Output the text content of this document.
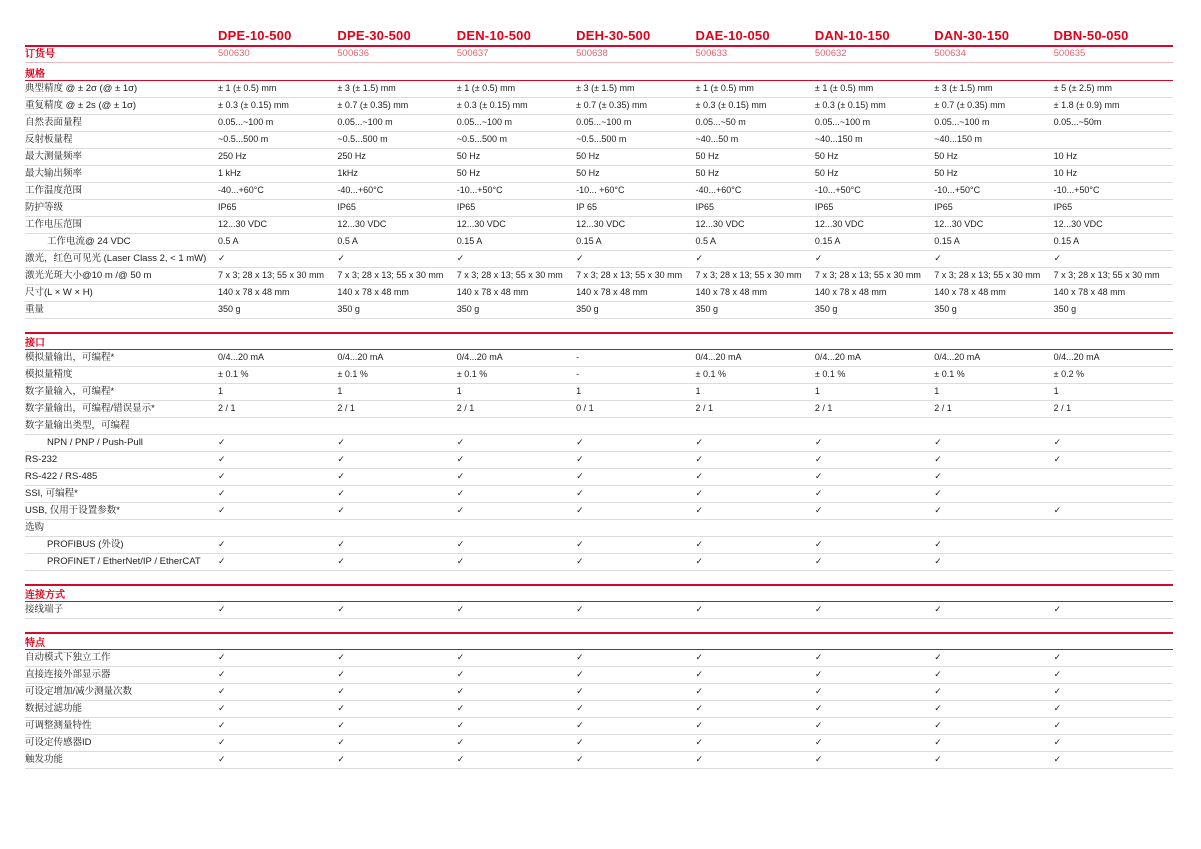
DPE-10-500	DPE-30-500	DEN-10-500	DEH-30-500	DAE-10-050	DAN-10-150	DAN-30-150	DBN-50-050
订货号	500630	500636	500637	500638	500633	500632	500634	500635
规格
典型精度 @ ± 2σ (@ ± 1σ)	± 1 (± 0.5) mm	± 3 (± 1.5) mm	± 1 (± 0.5) mm	± 3 (± 1.5) mm	± 1 (± 0.5) mm	± 1 (± 0.5) mm	± 3 (± 1.5) mm	± 5 (± 2.5) mm
重复精度 @ ± 2s (@ ± 1σ)	± 0.3 (± 0.15) mm	± 0.7 (± 0.35) mm	± 0.3 (± 0.15) mm	± 0.7 (± 0.35) mm	± 0.3 (± 0.15) mm	± 0.3 (± 0.15) mm	± 0.7 (± 0.35) mm	± 1.8 (± 0.9) mm
自然表面量程	0.05...~100 m	0.05...~100 m	0.05...~100 m	0.05...~100 m	0.05...~50 m	0.05...~100 m	0.05...~100 m	0.05...~50m
反射板量程	~0.5...500 m	~0.5...500 m	~0.5...500 m	~0.5...500 m	~40...50 m	~40...150 m	~40...150 m
最大测量频率	250 Hz	250 Hz	50 Hz	50 Hz	50 Hz	50 Hz	50 Hz	10 Hz
最大输出频率	1 kHz	1kHz	50 Hz	50 Hz	50 Hz	50 Hz	50 Hz	10 Hz
工作温度范围	-40...+60°C	-40...+60°C	-10...+50°C	-10... +60°C	-40...+60°C	-10...+50°C	-10...+50°C	-10...+50°C
防护等级	IP65	IP65	IP65	IP 65	IP65	IP65	IP65	IP65
工作电压范围	12...30 VDC	12...30 VDC	12...30 VDC	12...30 VDC	12...30 VDC	12...30 VDC	12...30 VDC	12...30 VDC
工作电流@ 24 VDC	0.5 A	0.5 A	0.15 A	0.15 A	0.5 A	0.15 A	0.15 A	0.15 A
激光，红色可见光 (Laser Class 2, < 1 mW)	✓	✓	✓	✓	✓	✓	✓	✓
激光光斑大小@10 m /@ 50 m	7 x 3; 28 x 13; 55 x 30 mm	7 x 3; 28 x 13; 55 x 30 mm	7 x 3; 28 x 13; 55 x 30 mm	7 x 3; 28 x 13; 55 x 30 mm	7 x 3; 28 x 13; 55 x 30 mm	7 x 3; 28 x 13; 55 x 30 mm	7 x 3; 28 x 13; 55 x 30 mm	7 x 3; 28 x 13; 55 x 30 mm
尺寸(L × W × H)	140 x 78 x 48 mm	140 x 78 x 48 mm	140 x 78 x 48 mm	140 x 78 x 48 mm	140 x 78 x 48 mm	140 x 78 x 48 mm	140 x 78 x 48 mm	140 x 78 x 48 mm
重量	350 g	350 g	350 g	350 g	350 g	350 g	350 g	350 g
接口
模拟量输出，可编程*	0/4...20 mA	0/4...20 mA	0/4...20 mA	-	0/4...20 mA	0/4...20 mA	0/4...20 mA	0/4...20 mA
模拟量精度	± 0.1 %	± 0.1 %	± 0.1 %	-	± 0.1 %	± 0.1 %	± 0.1 %	± 0.2 %
数字量输入，可编程*	1	1	1	1	1	1	1	1
数字量输出，可编程/错误显示*	2 / 1	2 / 1	2 / 1	0 / 1	2 / 1	2 / 1	2 / 1	2 / 1
数字量输出类型，可编程
NPN / PNP / Push-Pull	✓	✓	✓	✓	✓	✓	✓	✓
RS-232	✓	✓	✓	✓	✓	✓	✓	✓
RS-422 / RS-485	✓	✓	✓	✓	✓	✓	✓
SSI, 可编程*	✓	✓	✓	✓	✓	✓	✓
USB, 仅用于设置参数*	✓	✓	✓	✓	✓	✓	✓	✓
选购
PROFIBUS (外设)	✓	✓	✓	✓	✓	✓	✓
PROFINET / EtherNet/IP / EtherCAT	✓	✓	✓	✓	✓	✓	✓
连接方式
接线端子	✓	✓	✓	✓	✓	✓	✓	✓
特点
自动模式下独立工作	✓	✓	✓	✓	✓	✓	✓	✓
直接连接外部显示器	✓	✓	✓	✓	✓	✓	✓	✓
可设定增加/减少测量次数	✓	✓	✓	✓	✓	✓	✓	✓
数据过滤功能	✓	✓	✓	✓	✓	✓	✓	✓
可调整测量特性	✓	✓	✓	✓	✓	✓	✓	✓
可设定传感器ID	✓	✓	✓	✓	✓	✓	✓	✓
触发功能	✓	✓	✓	✓	✓	✓	✓	✓
